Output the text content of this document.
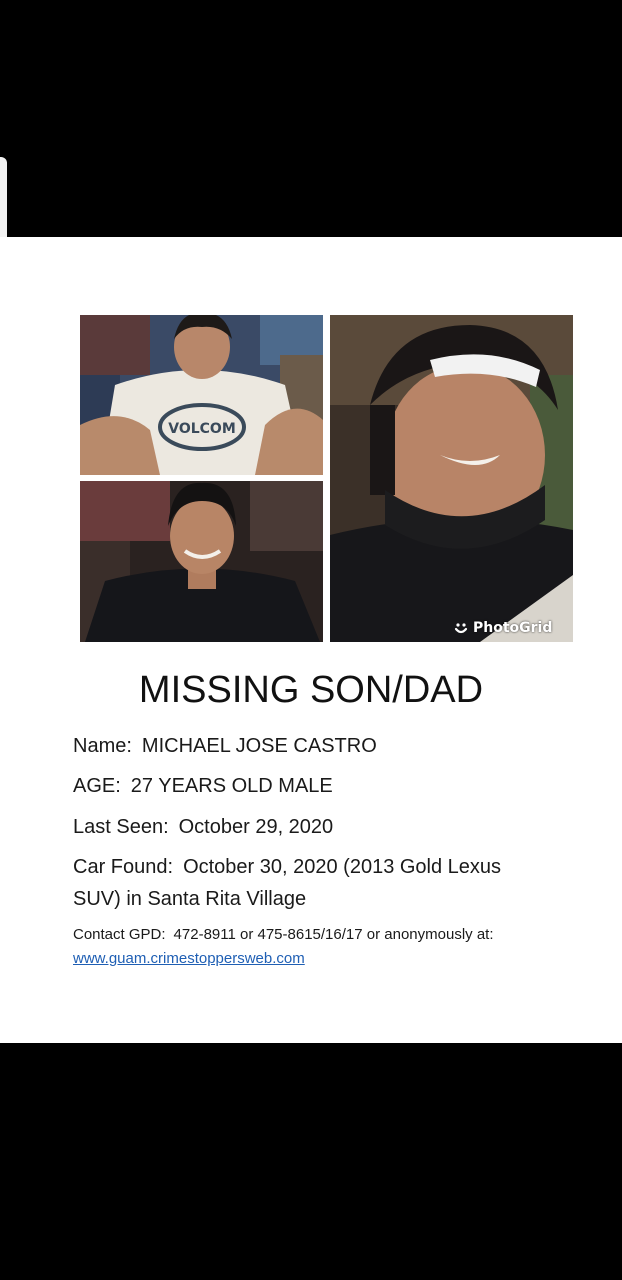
VOLCOM
PhotoGrid
MISSING SON/DAD
Name: MICHAEL JOSE CASTRO
AGE: 27 YEARS OLD MALE
Last Seen: October 29, 2020
Car Found: October 30, 2020 (2013 Gold Lexus
SUV) in Santa Rita Village
Contact GPD: 472-8911 or 475-8615/16/17 or anonymously at:
www.guam.crimestoppersweb.com
